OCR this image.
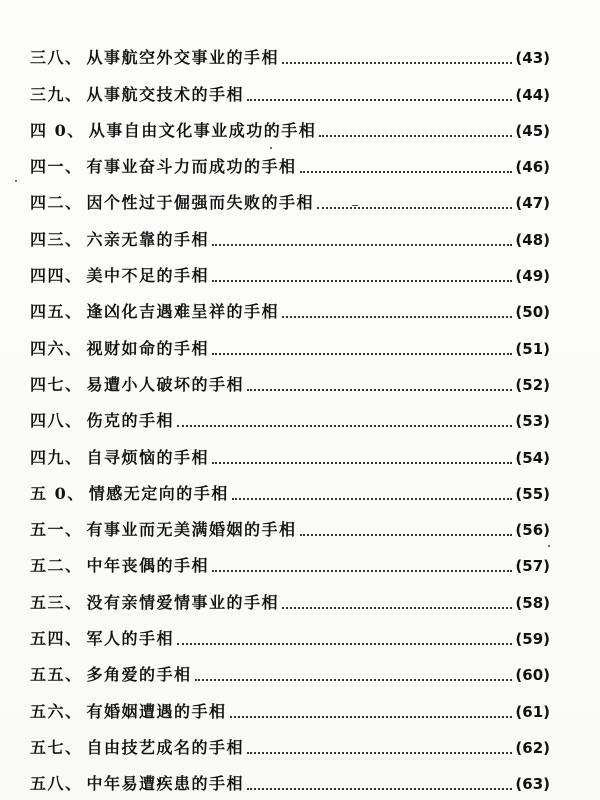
三八 、 从事航空外交事业的手相	(43)
三九 、 从事航交技术的手相	(44)
四 0 、 从事自由文化事业成功的手相	(45)
四一 、 有事业奋斗力而成功的手相	(46)
四二 、 因个性过于倔强而失败的手相	(47)
四三 、 六亲无靠的手相	(48)
四四 、 美中不足的手相	(49)
四五 、 逢凶化吉遇难呈祥的手相	(50)
四六 、 视财如命的手相	(51)
四七 、 易遭小人破坏的手相	(52)
四八 、 伤克的手相	(53)
四九 、 自寻烦恼的手相	(54)
五 0 、 情感无定向的手相	(55)
五一 、 有事业而无美满婚姻的手相	(56)
五二 、 中年丧偶的手相	(57)
五三 、 没有亲情爱情事业的手相	(58)
五四 、 军人的手相	(59)
五五 、 多角爱的手相	(60)
五六 、 有婚姻遭遇的手相	(61)
五七 、 自由技艺成名的手相	(62)
五八 、 中年易遭疾患的手相	(63)
